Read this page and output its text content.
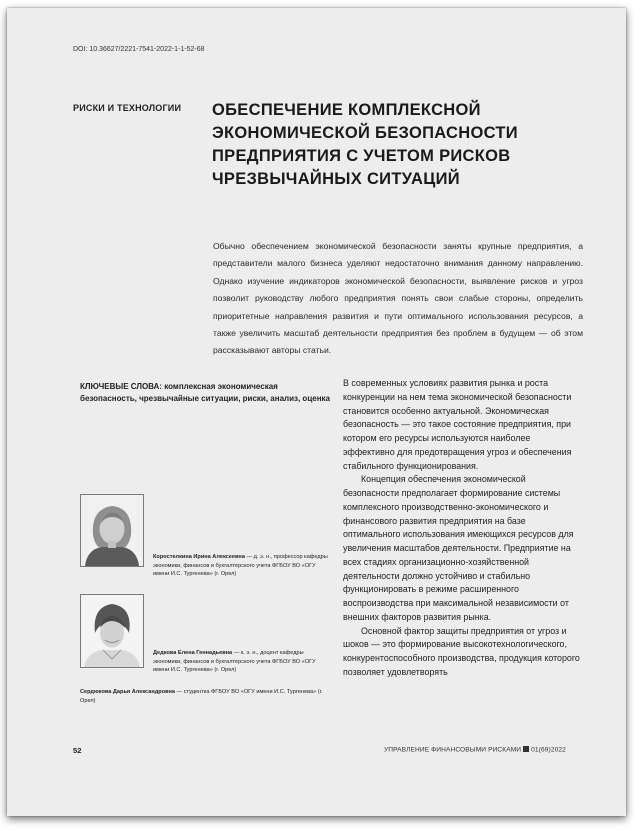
DOI: 10.36627/2221-7541-2022-1-1-52-68
РИСКИ И ТЕХНОЛОГИИ ОБЕСПЕЧЕНИЕ КОМПЛЕКСНОЙ
ЭКОНОМИЧЕСКОЙ БЕЗОПАСНОСТИ
ПРЕДПРИЯТИЯ С УЧЕТОМ РИСКОВ
ЧРЕЗВЫЧАЙНЫХ СИТУАЦИЙ
Обычно обеспечением экономической безопасности заняты крупные предприятия, а представители малого бизнеса уделяют недостаточно внимания данному направлению. Однако изучение индикаторов экономической безопасности, выявление рисков и угроз позволит руководству любого предприятия понять свои слабые стороны, определить приоритетные направления развития и пути оптимального использования ресурсов, а также увеличить масштаб деятельности предприятия без проблем в будущем — об этом рассказывают авторы статьи.
КЛЮЧЕВЫЕ СЛОВА: комплексная экономическая безопасность, чрезвычайные ситуации, риски, анализ, оценка
Коростелкина Ирина Алексеевна — д. э. н., профессор кафедры экономики, финансов и бухгалтерского учета ФГБОУ ВО «ОГУ имени И.С. Тургенева» (г. Орел)
Дедкова Елена Геннадьевна — к. э. н., доцент кафедры экономики, финансов и бухгалтерского учета ФГБОУ ВО «ОГУ имени И.С. Тургенева» (г. Орел)
Сердюкова Дарья Александровна — студентка ФГБОУ ВО «ОГУ имени И.С. Тургенева» (г. Орел)

В современных условиях развития рынка и роста конкуренции на нем тема экономической безопасности становится особенно актуальной. Экономическая безопасность — это такое состояние предприятия, при котором его ресурсы используются наиболее эффективно для предотвращения угроз и обеспечения стабильного функционирования.

Концепция обеспечения экономической безопасности предполагает формирование системы комплексного производственно-экономического и финансового развития предприятия на базе оптимального использования имеющихся ресурсов для увеличения масштабов деятельности. Предприятие на всех стадиях организационно-хозяйственной деятельности должно устойчиво и стабильно функционировать в режиме расширенного воспроизводства при максимальной независимости от внешних факторов развития рынка.

Основной фактор защиты предприятия от угроз и шоков — это формирование высокотехнологического, конкурентоспособного производства, продукция которого позволяет удовлетворять

52	УПРАВЛЕНИЕ ФИНАНСОВЫМИ РИСКАМИ 01(69)2022
